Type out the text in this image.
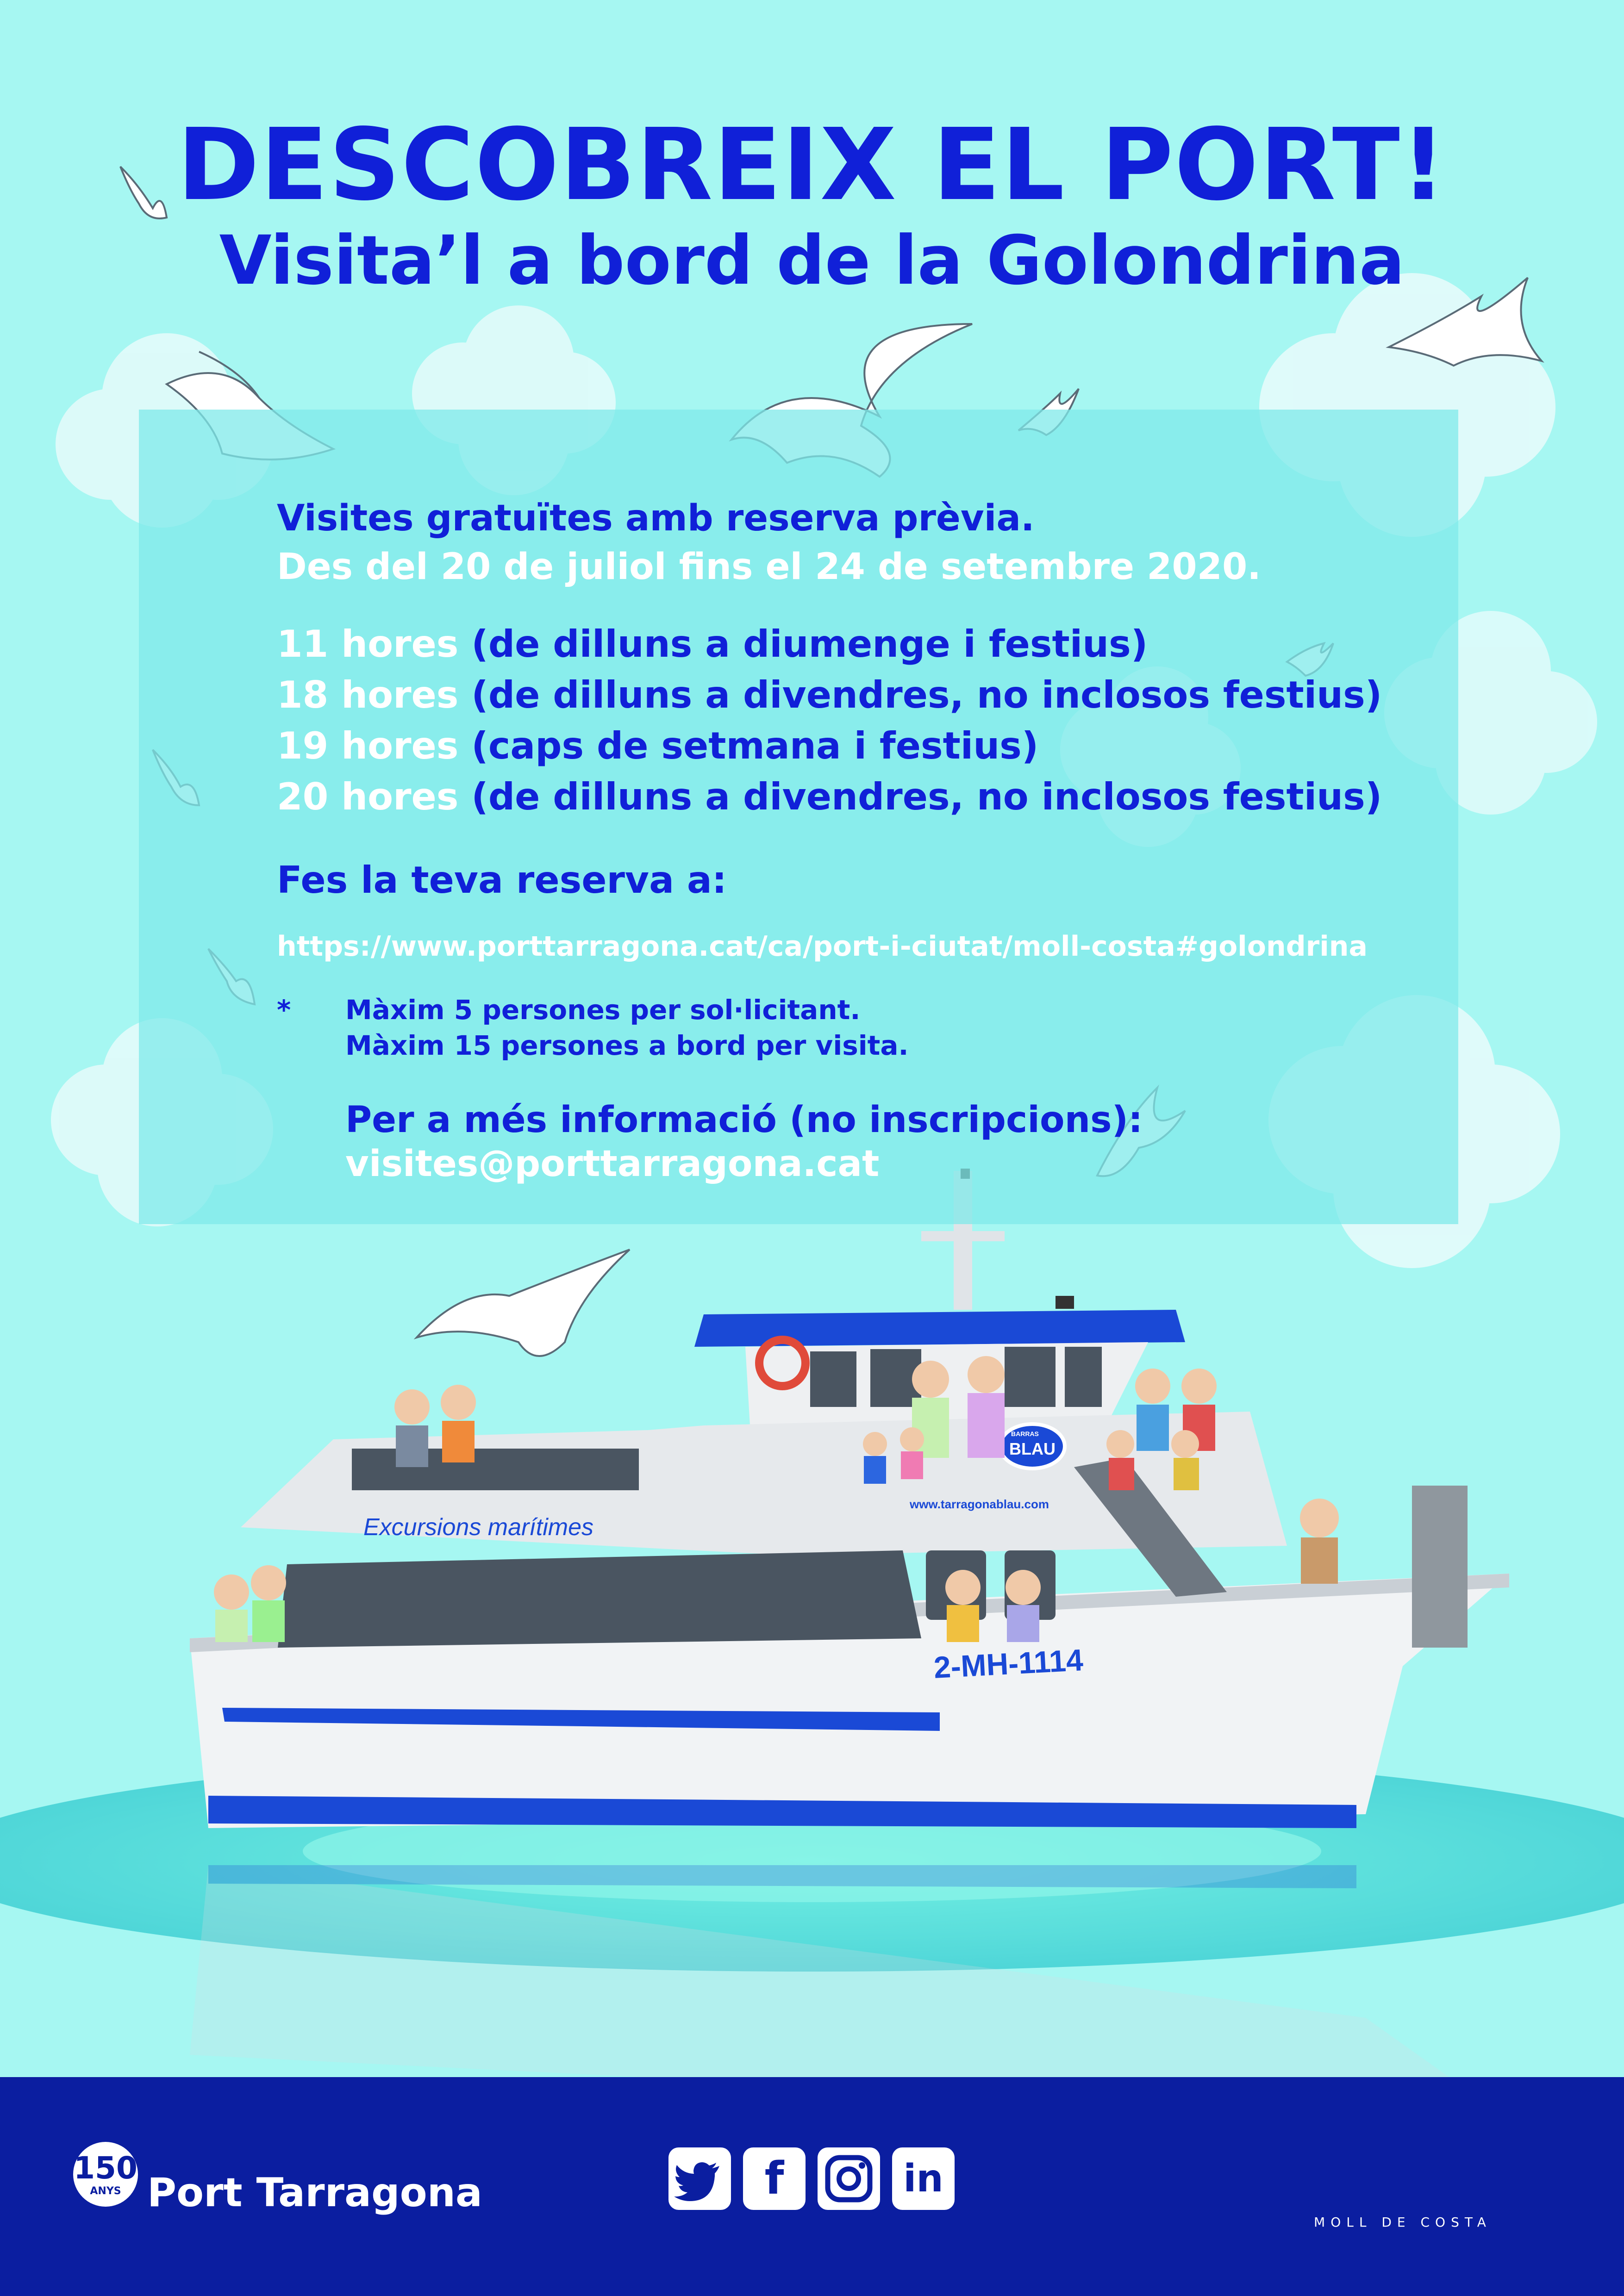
DESCOBREIX EL PORT!
Visita’l a bord de la Golondrina
Visites gratuïtes amb reserva prèvia.
Des del 20 de juliol fins el 24 de setembre 2020.
11 hores (de dilluns a diumenge i festius)
18 hores (de dilluns a divendres, no inclosos festius)
19 hores (caps de setmana i festius)
20 hores (de dilluns a divendres, no inclosos festius)
Fes la teva reserva a:
https://www.porttarragona.cat/ca/port-i-ciutat/moll-costa#golondrina
* Màxim 5 persones per sol·licitant.
Màxim 15 persones a bord per visita.
Per a més informació (no inscripcions):
visites@porttarragona.cat
Excursions marítimes
www.tarragonablau.com
2-MH-1114
BARRAS
BLAU
150
ANYS Port Tarragona	f	in
MOLL DE COSTA
